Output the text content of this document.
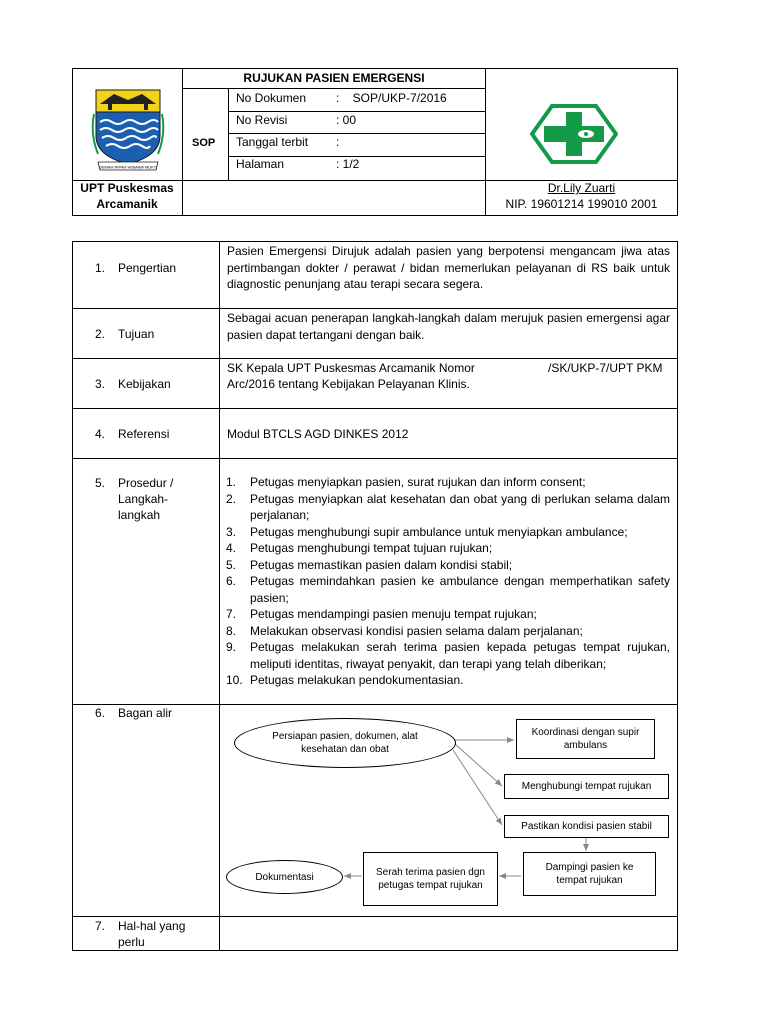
RUJUKAN PASIEN EMERGENSI
SOP
No Dokumen :    SOP/UKP-7/2016
No Revisi	: 00
Tanggal terbit :
Halaman	: 1/2
UPT Puskesmas
Arcamanik
Dr.Lily Zuarti
NIP. 19601214 199010 2001
GEMAH RIPAH WIBAWA MUKTI
1. Pengertian
Pasien Emergensi Dirujuk adalah pasien yang berpotensi mengancam jiwa atas pertimbangan dokter / perawat / bidan memerlukan pelayanan di RS baik untuk diagnostic penunjang atau terapi secara segera.
2. Tujuan
Sebagai acuan penerapan langkah-langkah dalam merujuk pasien emergensi agar pasien dapat tertangani dengan baik.
3. Kebijakan
SK Kepala UPT Puskesmas Arcamanik Nomor	/SK/UKP-7/UPT PKM
Arc/2016 tentang Kebijakan Pelayanan Klinis.
4. Referensi	Modul BTCLS AGD DINKES 2012
5. Prosedur /
Langkah-
langkah
1. Petugas menyiapkan pasien, surat rujukan dan inform consent;
2. Petugas menyiapkan alat kesehatan dan obat yang di perlukan selama dalam perjalanan;
3. Petugas menghubungi supir ambulance untuk menyiapkan ambulance;
4. Petugas menghubungi tempat tujuan rujukan;
5. Petugas memastikan pasien dalam kondisi stabil;
6. Petugas memindahkan pasien ke ambulance dengan memperhatikan safety pasien;
7. Petugas mendampingi pasien menuju tempat rujukan;
8. Melakukan observasi kondisi pasien selama dalam perjalanan;
9. Petugas melakukan serah terima pasien kepada petugas tempat rujukan, meliputi identitas, riwayat penyakit, dan terapi yang telah diberikan;
10. Petugas melakukan pendokumentasian.
6. Bagan alir
Persiapan pasien, dokumen, alat kesehatan dan obat
Koordinasi dengan supir ambulans
Menghubungi tempat rujukan
Pastikan kondisi pasien stabil
Dampingi pasien ke tempat rujukan
Serah terima pasien dgn petugas tempat rujukan
Dokumentasi
7. Hal-hal yang
perlu
